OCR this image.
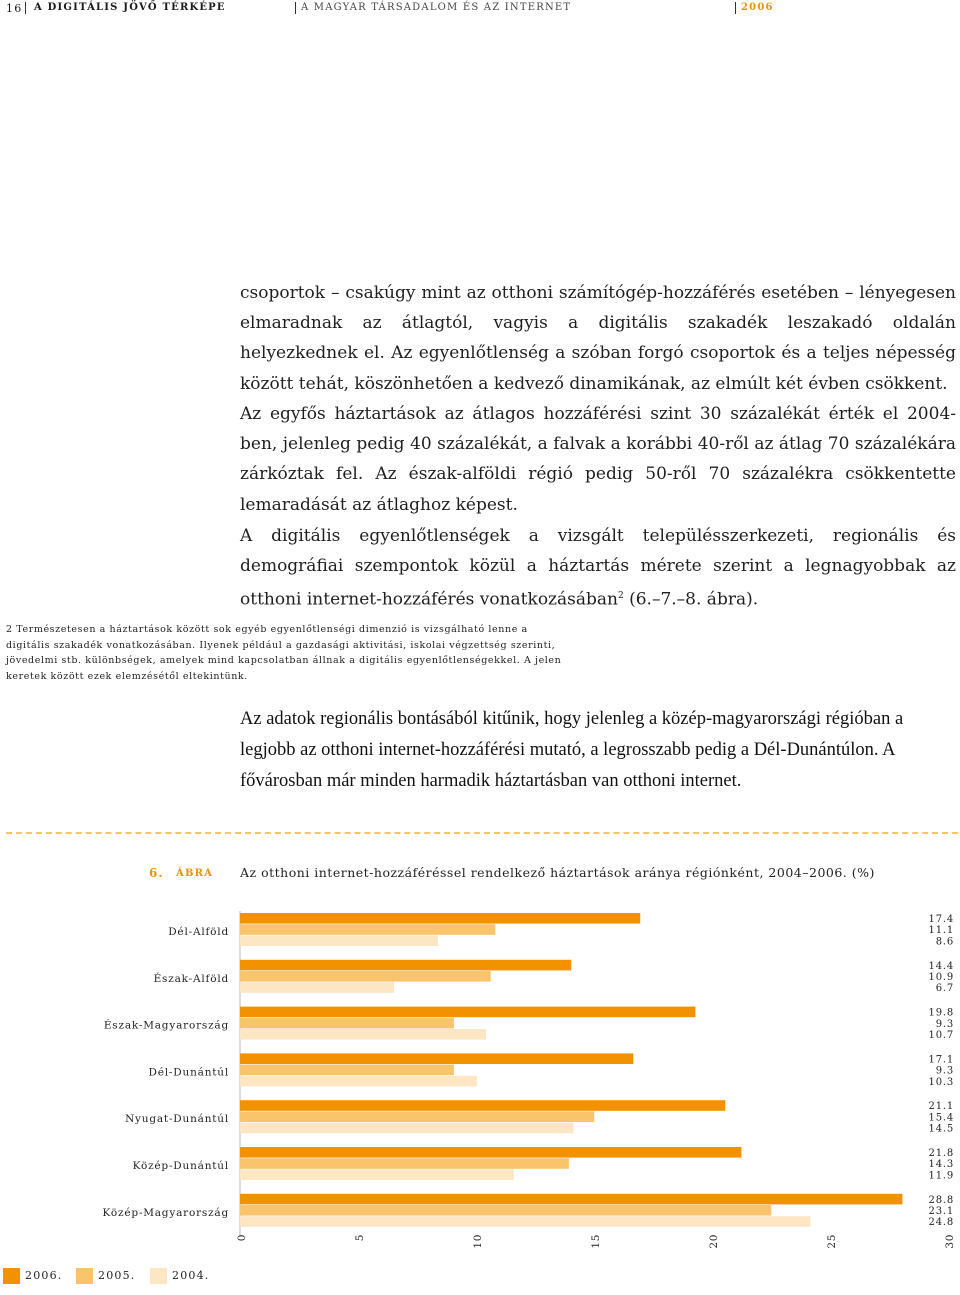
16 A DIGITÁLIS JÖVŐ TÉRKÉPE	A MAGYAR TÁRSADALOM ÉS AZ INTERNET	2006

csoportok – csakúgy mint az otthoni számítógép-hozzáférés esetében – lényegesen elmaradnak az átlagtól, vagyis a digitális szakadék leszakadó oldalán helyezkednek el. Az egyenlőtlenség a szóban forgó csoportok és a teljes népesség között tehát, köszönhetően a kedvező dinamikának, az elmúlt két évben csökkent.

Az egyfős háztartások az átlagos hozzáférési szint 30 százalékát érték el 2004-ben, jelenleg pedig 40 százalékát, a falvak a korábbi 40-ről az átlag 70 százalékára zárkóztak fel. Az észak-alföldi régió pedig 50-ről 70 százalékra csökkentette lemaradását az átlaghoz képest.

A digitális egyenlőtlenségek a vizsgált településszerkezeti, regionális és demográfiai szempontok közül a háztartás mérete szerint a legnagyobbak az otthoni internet-hozzáférés vonatkozásában$^2$ (6.–7.–8. ábra).

2 Természetesen a háztartások között sok egyéb egyenlőtlenségi dimenzió is vizsgálható lenne a digitális szakadék vonatkozásában. Ilyenek például a gazdasági aktivitási, iskolai végzettség szerinti, jövedelmi stb. különbségek, amelyek mind kapcsolatban állnak a digitális egyenlőtlenségekkel. A jelen keretek között ezek elemzésétől eltekintünk.

Az adatok regionális bontásából kitűnik, hogy jelenleg a közép-magyarországi régióban a legjobb az otthoni internet-hozzáférési mutató, a legrosszabb pedig a Dél-Dunántúlon. A fővárosban már minden harmadik háztartásban van otthoni internet.

6. ÁBRA Az otthoni internet-hozzáféréssel rendelkező háztartások aránya régiónként, 2004–2006. (%)
Dél-Alföld
17.4
11.1
8.6
Észak-Alföld
14.4
10.9
6.7
Észak-Magyarország
19.8
9.3
10.7
Dél-Dunántúl
17.1
9.3
10.3
Nyugat-Dunántúl
21.1
15.4
14.5
Közép-Dunántúl
21.8
14.3
11.9
Közép-Magyarország
28.8
23.1
24.8
0	5	10	15	20	25	30
2006.	2005.	2004.
